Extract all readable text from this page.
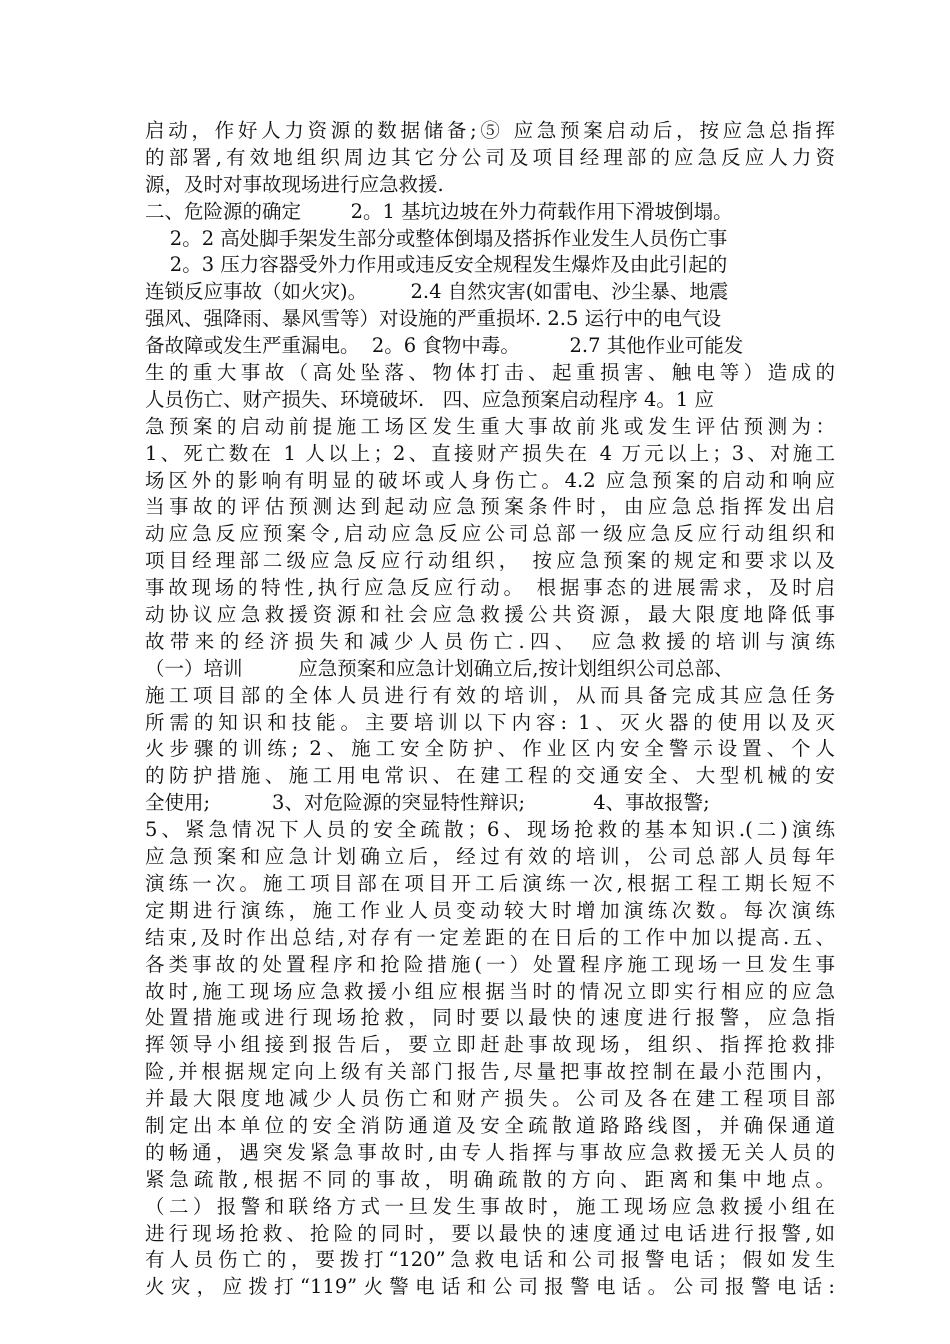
启动，作好人力资源的数据储备;⑤ 应急预案启动后，按应急总指挥
的部署,有效地组织周边其它分公司及项目经理部的应急反应人力资
源，及时对事故现场进行应急救援.
二、危险源的确定        2。1 基坑边坡在外力荷载作用下滑坡倒塌。
2。2 高处脚手架发生部分或整体倒塌及搭拆作业发生人员伤亡事
2。3 压力容器受外力作用或违反安全规程发生爆炸及由此引起的
连锁反应事故（如火灾)。       2.4 自然灾害(如雷电、沙尘暴、地震
强风、强降雨、暴风雪等）对设施的严重损坏. 2.5 运行中的电气设
备故障或发生严重漏电。  2。6 食物中毒。        2.7 其他作业可能发
生的重大事故（高处坠落、物体打击、起重损害、触电等）造成的
人员伤亡、财产损失、环境破坏.   四、应急预案启动程序 4。1 应
急预案的启动前提施工场区发生重大事故前兆或发生评估预测为：
1、死亡数在 1 人以上；2、直接财产损失在 4 万元以上；3、对施工
场区外的影响有明显的破坏或人身伤亡。4.2 应急预案的启动和响应
当事故的评估预测达到起动应急预案条件时，由应急总指挥发出启
动应急反应预案令,启动应急反应公司总部一级应急反应行动组织和
项目经理部二级应急反应行动组织， 按应急预案的规定和要求以及
事故现场的特性,执行应急反应行动。 根据事态的进展需求，及时启
动协议应急救援资源和社会应急救援公共资源，最大限度地降低事
故带来的经济损失和减少人员伤亡.四、 应急救援的培训与演练
（一）培训         应急预案和应急计划确立后,按计划组织公司总部、
施工项目部的全体人员进行有效的培训，从而具备完成其应急任务
所需的知识和技能。主要培训以下内容: 1、灭火器的使用以及灭
火步骤的训练; 2、施工安全防护、作业区内安全警示设置、个人
的防护措施、施工用电常识、在建工程的交通安全、大型机械的安
全使用;          3、对危险源的突显特性辩识;           4、事故报警;
5、紧急情况下人员的安全疏散；6、现场抢救的基本知识.(二)演练
应急预案和应急计划确立后，经过有效的培训，公司总部人员每年
演练一次。施工项目部在项目开工后演练一次,根据工程工期长短不
定期进行演练，施工作业人员变动较大时增加演练次数。每次演练
结束,及时作出总结,对存有一定差距的在日后的工作中加以提高.五、
各类事故的处置程序和抢险措施(一）处置程序施工现场一旦发生事
故时,施工现场应急救援小组应根据当时的情况立即实行相应的应急
处置措施或进行现场抢救，同时要以最快的速度进行报警，应急指
挥领导小组接到报告后，要立即赶赴事故现场，组织、指挥抢救排
险,并根据规定向上级有关部门报告,尽量把事故控制在最小范围内，
并最大限度地减少人员伤亡和财产损失。公司及各在建工程项目部
制定出本单位的安全消防通道及安全疏散道路路线图，并确保通道
的畅通，遇突发紧急事故时,由专人指挥与事故应急救援无关人员的
紧急疏散,根据不同的事故，明确疏散的方向、距离和集中地点。
（二）报警和联络方式一旦发生事故时，施工现场应急救援小组在
进行现场抢救、抢险的同时，要以最快的速度通过电话进行报警,如
有人员伤亡的，要拨打“120”急救电话和公司报警电话；假如发生
火灾，应拨打“119”火警电话和公司报警电话。公司报警电话:
